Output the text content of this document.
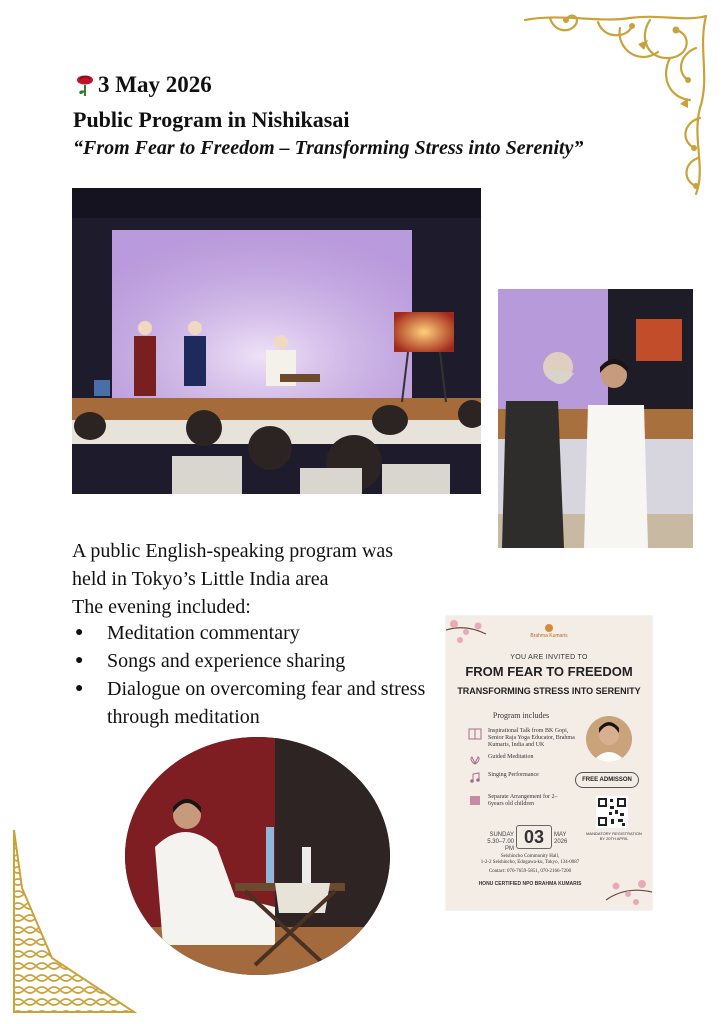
3 May 2026
Public Program in Nishikasai
“From Fear to Freedom – Transforming Stress into Serenity”

A public English-speaking program was

held in Tokyo’s Little India area

The evening included:

● Meditation commentary
● Songs and experience sharing
● Dialogue on overcoming fear and stress through meditation
Brahma Kumaris
YOU ARE INVITED TO
FROM FEAR TO FREEDOM
TRANSFORMING STRESS INTO SERENITY
Program includes
Inspirational Talk from BK Gopi, Senior Raja Yoga Educator, Brahma Kumaris, India and UK
Guided Meditation
Singing Performance
Separate Arrangement for 2–6years old children
FREE ADMISSON
MANDATORY REGISTRATION BY 20TH APRIL
SUNDAY
5.30–7.00 PM
03	MAY
2026
Seishincho Community Hall,
1-2-2 Seishincho, Edogawa-ku, Tokyo, 134-0087
Contact: 070-7659-5851, 070-2166-7200
HONU CERTIFIED NPO BRAHMA KUMARIS
